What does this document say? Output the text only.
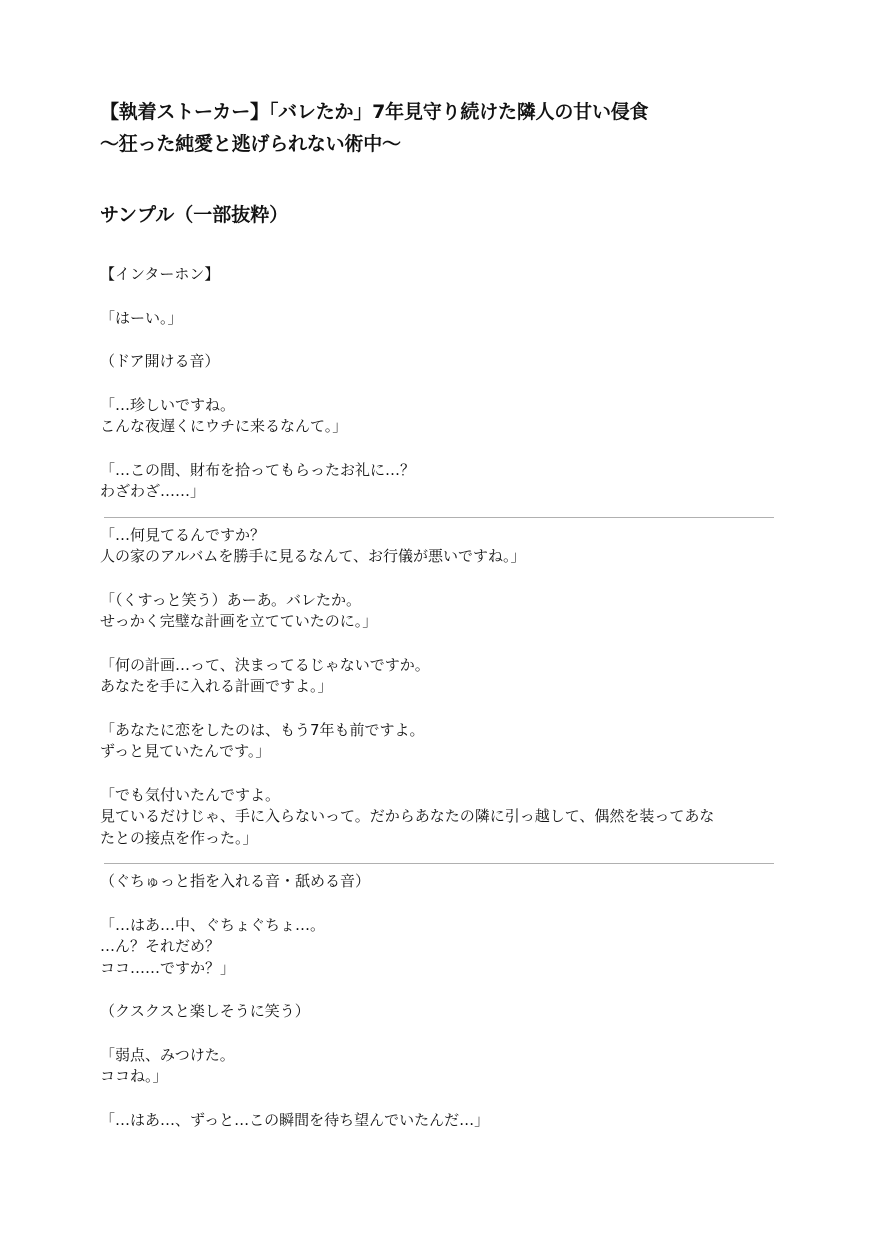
【執着ストーカー】「バレたか」7年見守り続けた隣人の甘い侵食
〜狂った純愛と逃げられない術中〜
サンプル（一部抜粋）
【インターホン】
「はーい。」
（ドア開ける音）
「…珍しいですね。
こんな夜遅くにウチに来るなんて。」
「…この間、財布を拾ってもらったお礼に…？
わざわざ……」
「…何見てるんですか？
人の家のアルバムを勝手に見るなんて、お行儀が悪いですね。」
「（くすっと笑う）あーあ。バレたか。
せっかく完璧な計画を立てていたのに。」
「何の計画…って、決まってるじゃないですか。
あなたを手に入れる計画ですよ。」
「あなたに恋をしたのは、もう7年も前ですよ。
ずっと見ていたんです。」
「でも気付いたんですよ。
見ているだけじゃ、手に入らないって。だからあなたの隣に引っ越して、偶然を装ってあな
たとの接点を作った。」
（ぐちゅっと指を入れる音・舐める音）
「…はあ…中、ぐちょぐちょ…。
…ん？それだめ？
ココ……ですか？」
（クスクスと楽しそうに笑う）
「弱点、みつけた。
ココね。」
「…はあ…、ずっと…この瞬間を待ち望んでいたんだ…」
